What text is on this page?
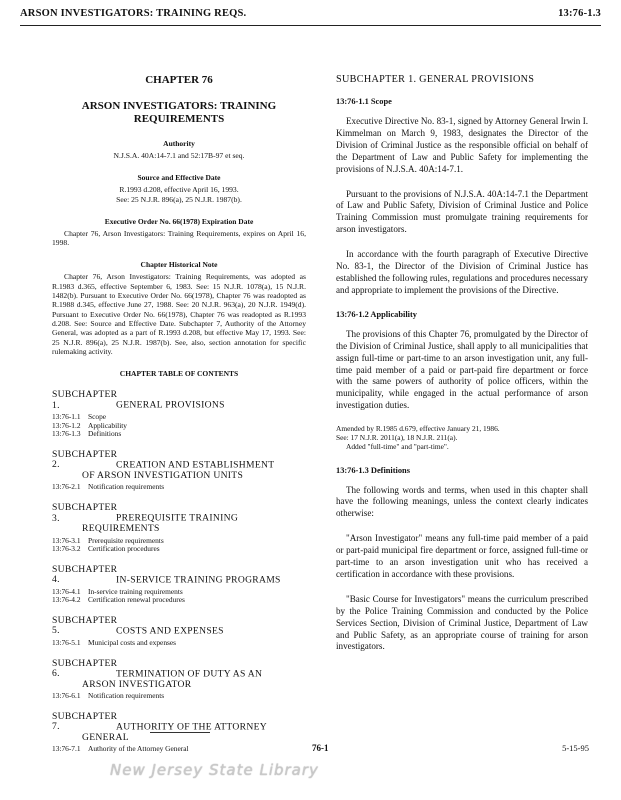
ARSON INVESTIGATORS: TRAINING REQS.	13:76-1.3

CHAPTER 76

ARSON INVESTIGATORS: TRAINING
REQUIREMENTS

Authority

N.J.S.A. 40A:14-7.1 and 52:17B-97 et seq.

Source and Effective Date

R.1993 d.208, effective April 16, 1993.

See: 25 N.J.R. 896(a), 25 N.J.R. 1987(b).

Executive Order No. 66(1978) Expiration Date

Chapter 76, Arson Investigators: Training Requirements, expires on April 16, 1998.

Chapter Historical Note

Chapter 76, Arson Investigators: Training Requirements, was adopted as R.1983 d.365, effective September 6, 1983. See: 15 N.J.R. 1078(a), 15 N.J.R. 1482(b). Pursuant to Executive Order No. 66(1978), Chapter 76 was readopted as R.1988 d.345, effective June 27, 1988. See: 20 N.J.R. 963(a), 20 N.J.R. 1949(d). Pursuant to Executive Order No. 66(1978), Chapter 76 was readopted as R.1993 d.208. See: Source and Effective Date. Subchapter 7, Authority of the Attorney General, was adopted as a part of R.1993 d.208, but effective May 17, 1993. See: 25 N.J.R. 896(a), 25 N.J.R. 1987(b). See, also, section annotation for specific rulemaking activity.

CHAPTER TABLE OF CONTENTS

SUBCHAPTER 1.	GENERAL PROVISIONS

13:76-1.1	Scope
13:76-1.2	Applicability
13:76-1.3	Definitions

SUBCHAPTER 2.	CREATION AND ESTABLISHMENT
OF ARSON INVESTIGATION UNITS

13:76-2.1	Notification requirements

SUBCHAPTER 3.	PREREQUISITE TRAINING
REQUIREMENTS

13:76-3.1	Prerequisite requirements
13:76-3.2	Certification procedures

SUBCHAPTER 4.	IN-SERVICE TRAINING PROGRAMS

13:76-4.1	In-service training requirements
13:76-4.2	Certification renewal procedures

SUBCHAPTER 5.	COSTS AND EXPENSES

13:76-5.1	Municipal costs and expenses

SUBCHAPTER 6.	TERMINATION OF DUTY AS AN
ARSON INVESTIGATOR

13:76-6.1	Notification requirements

SUBCHAPTER 7.	AUTHORITY OF THE ATTORNEY
GENERAL

13:76-7.1	Authority of the Attorney General

SUBCHAPTER 1. GENERAL PROVISIONS

13:76-1.1 Scope

Executive Directive No. 83-1, signed by Attorney General Irwin I. Kimmelman on March 9, 1983, designates the Director of the Division of Criminal Justice as the responsible official on behalf of the Department of Law and Public Safety for implementing the provisions of N.J.S.A. 40A:14-7.1.

Pursuant to the provisions of N.J.S.A. 40A:14-7.1 the Department of Law and Public Safety, Division of Criminal Justice and Police Training Commission must promulgate training requirements for arson investigators.

In accordance with the fourth paragraph of Executive Directive No. 83-1, the Director of the Division of Criminal Justice has established the following rules, regulations and procedures necessary and appropriate to implement the provisions of the Directive.

13:76-1.2 Applicability

The provisions of this Chapter 76, promulgated by the Director of the Division of Criminal Justice, shall apply to all municipalities that assign full-time or part-time to an arson investigation unit, any full-time paid member of a paid or part-paid fire department or force with the same powers of authority of police officers, within the municipality, while engaged in the actual performance of arson investigation duties.

Amended by R.1985 d.679, effective January 21, 1986.
See: 17 N.J.R. 2011(a), 18 N.J.R. 211(a).
Added "full-time" and "part-time".

13:76-1.3 Definitions

The following words and terms, when used in this chapter shall have the following meanings, unless the context clearly indicates otherwise:

"Arson Investigator" means any full-time paid member of a paid or part-paid municipal fire department or force, assigned full-time or part-time to an arson investigation unit who has received a certification in accordance with these provisions.

"Basic Course for Investigators" means the curriculum prescribed by the Police Training Commission and conducted by the Police Services Section, Division of Criminal Justice, Department of Law and Public Safety, as an appropriate course of training for arson investigators.

76-1	5-15-95
New Jersey State Library
